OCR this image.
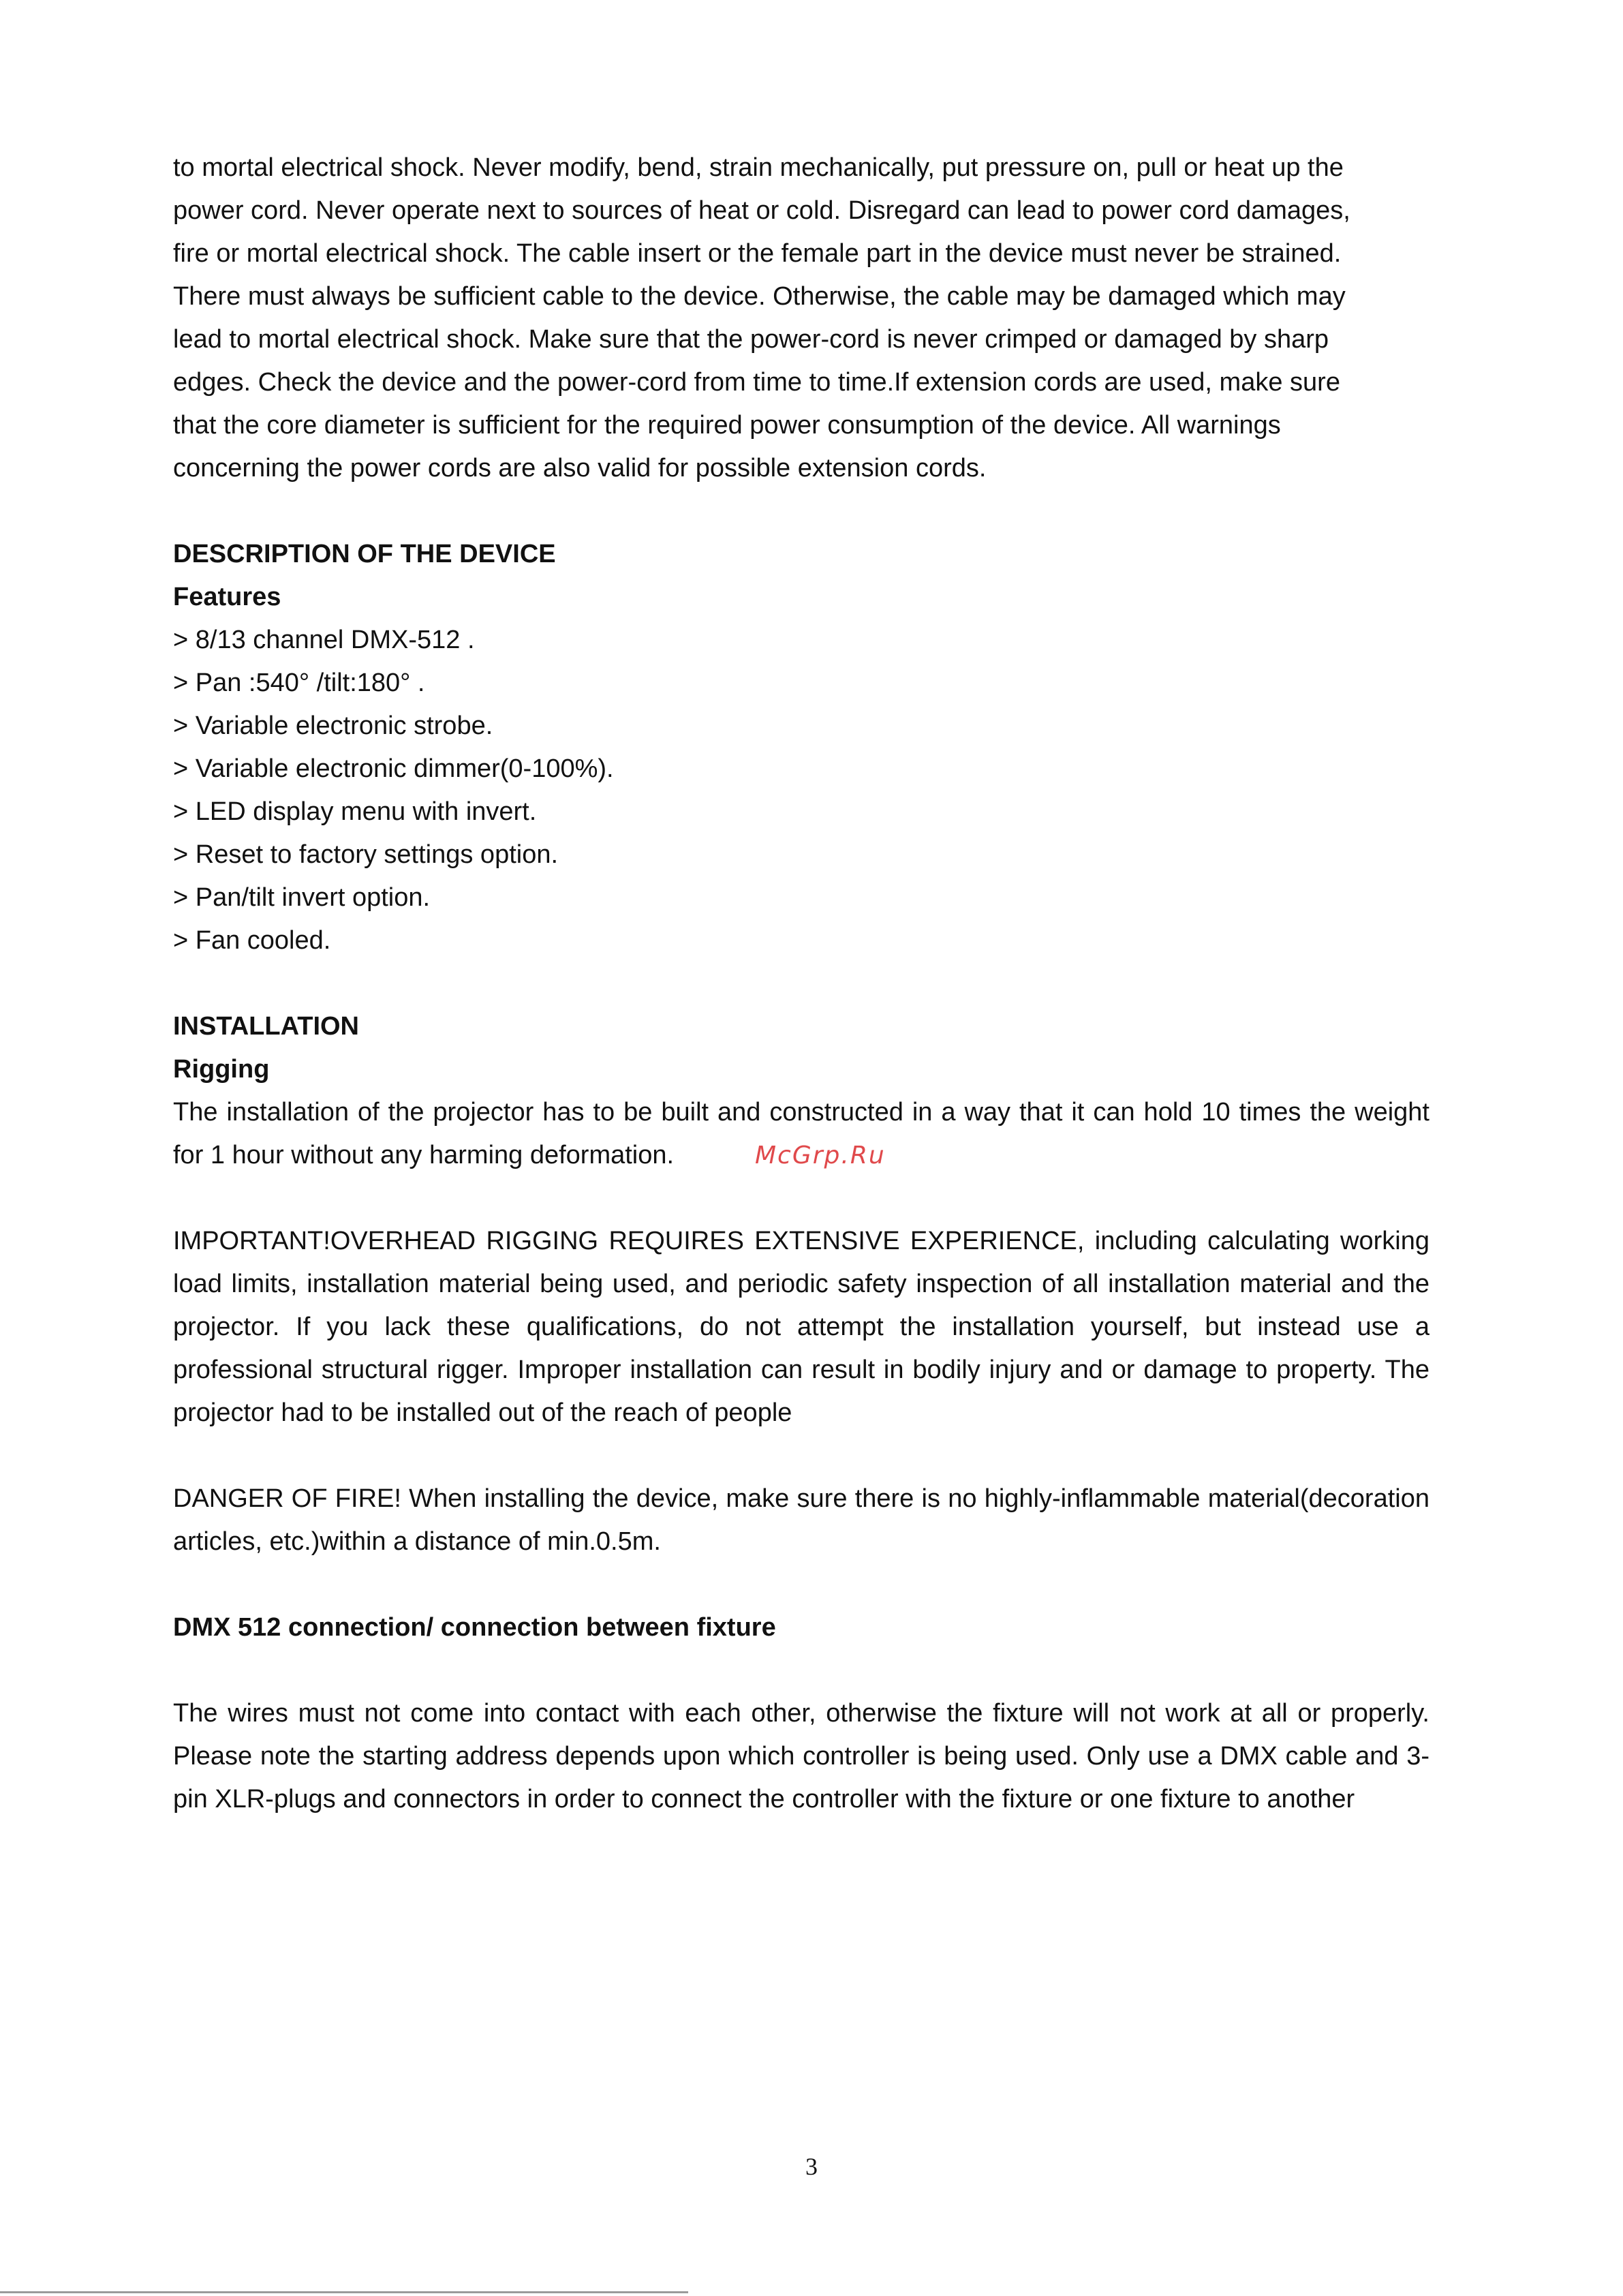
to mortal electrical shock. Never modify, bend, strain mechanically, put pressure on, pull or heat up the
power cord. Never operate next to sources of heat or cold. Disregard can lead to power cord damages,
fire or mortal electrical shock. The cable insert or the female part in the device must never be strained.
There must always be sufficient cable to the device. Otherwise, the cable may be damaged which may
lead to mortal electrical shock. Make sure that the power-cord is never crimped or damaged by sharp
edges. Check the device and the power-cord from time to time.If extension cords are used, make sure
that the core diameter is sufficient for the required power consumption of the device. All warnings
concerning the power cords are also valid for possible extension cords.

DESCRIPTION OF THE DEVICE

Features

> 8/13 channel DMX-512 .

> Pan :540° /tilt:180° .

> Variable electronic strobe.

> Variable electronic dimmer(0-100%).

> LED display menu with invert.

> Reset to factory settings option.

> Pan/tilt invert option.

> Fan cooled.

INSTALLATION

Rigging

The installation of the projector has to be built and constructed in a way that it can hold 10 times the weight for 1 hour without any harming deformation.

IMPORTANT!OVERHEAD RIGGING REQUIRES EXTENSIVE EXPERIENCE, including calculating working load limits, installation material being used, and periodic safety inspection of all installation material and the projector. If you lack these qualifications, do not attempt the installation yourself, but instead use a professional structural rigger. Improper installation can result in bodily injury and or damage to property. The projector had to be installed out of the reach of people

DANGER OF FIRE! When installing the device, make sure there is no highly-inflammable material(decoration articles, etc.)within a distance of min.0.5m.

DMX 512 connection/ connection between fixture

The wires must not come into contact with each other, otherwise the fixture will not work at all or properly. Please note the starting address depends upon which controller is being used. Only use a DMX cable and 3-pin XLR-plugs and connectors in order to connect the controller with the fixture or one fixture to another

McGrp.Ru
3
